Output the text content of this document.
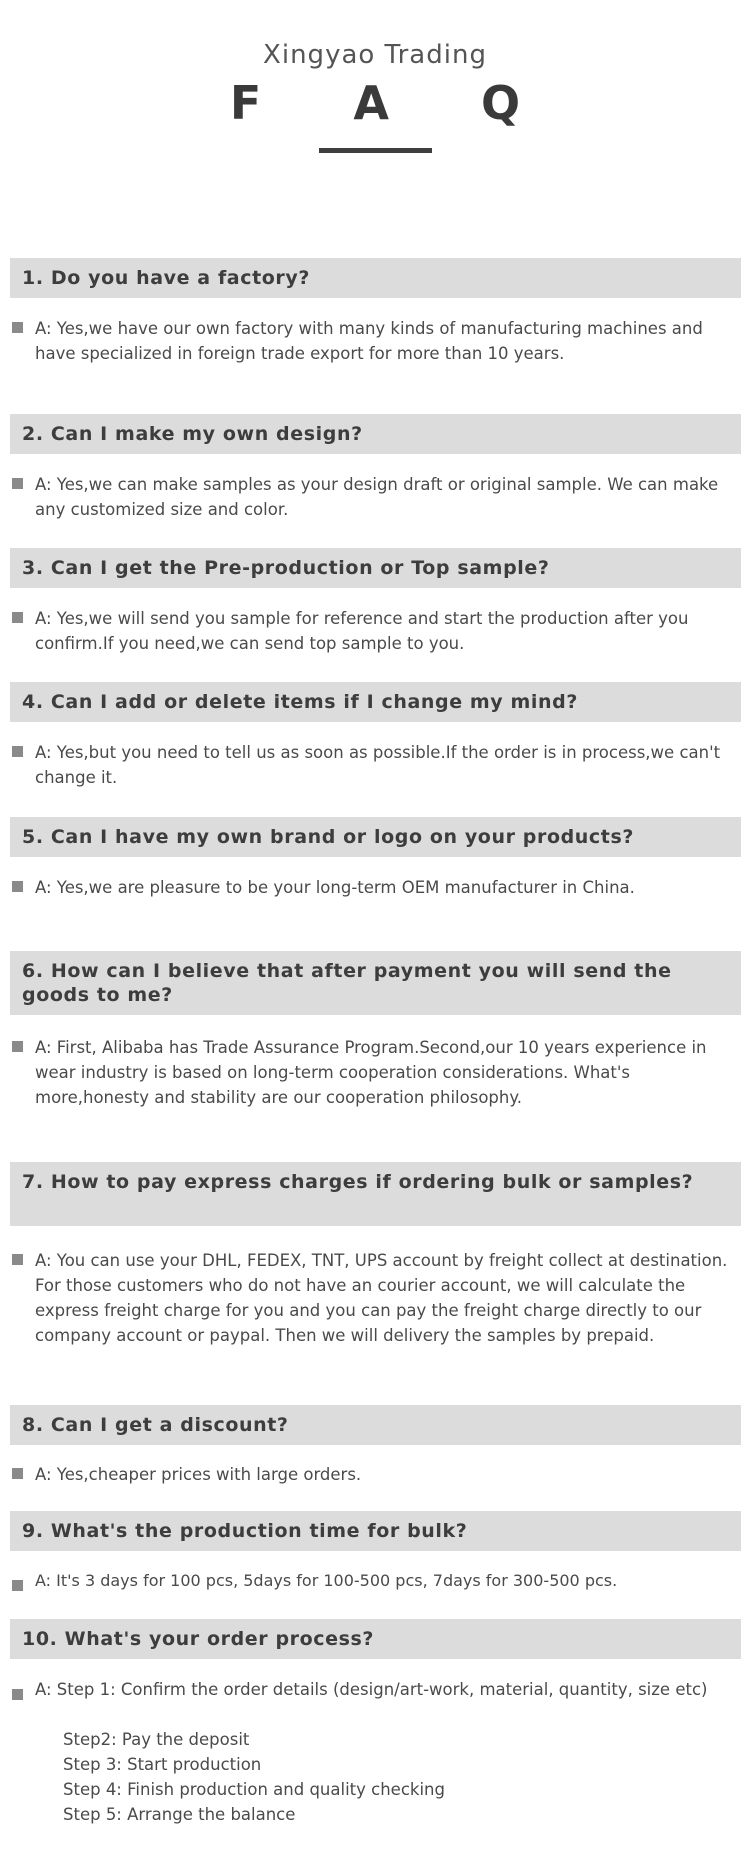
Xingyao Trading
F A Q
1. Do you have a factory?
A: Yes,we have our own factory with many kinds of manufacturing machines and have specialized in foreign trade export for more than 10 years.
2. Can I make my own design?
A: Yes,we can make samples as your design draft or original sample. We can make any customized size and color.
3. Can I get the Pre-production or Top sample?
A: Yes,we will send you sample for reference and start the production after you confirm.If you need,we can send top sample to you.
4. Can I add or delete items if I change my mind?
A: Yes,but you need to tell us as soon as possible.If the order is in process,we can't change it.
5. Can I have my own brand or logo on your products?
A: Yes,we are pleasure to be your long-term OEM manufacturer in China.
6. How can I believe that after payment you will send the goods to me?
A: First, Alibaba has Trade Assurance Program.Second,our 10 years experience in wear industry is based on long-term cooperation considerations. What's more,honesty and stability are our cooperation philosophy.
7. How to pay express charges if ordering bulk or samples?
A: You can use your DHL, FEDEX, TNT, UPS account by freight collect at destination. For those customers who do not have an courier account, we will calculate the express freight charge for you and you can pay the freight charge directly to our company account or paypal. Then we will delivery the samples by prepaid.
8. Can I get a discount?
A: Yes,cheaper prices with large orders.
9. What's the production time for bulk?
A: It's 3 days for 100 pcs, 5days for 100-500 pcs, 7days for 300-500 pcs.
10. What's your order process?
A: Step 1: Confirm the order details (design/art-work, material, quantity, size etc)
Step2: Pay the deposit
Step 3: Start production
Step 4: Finish production and quality checking
Step 5: Arrange the balance
